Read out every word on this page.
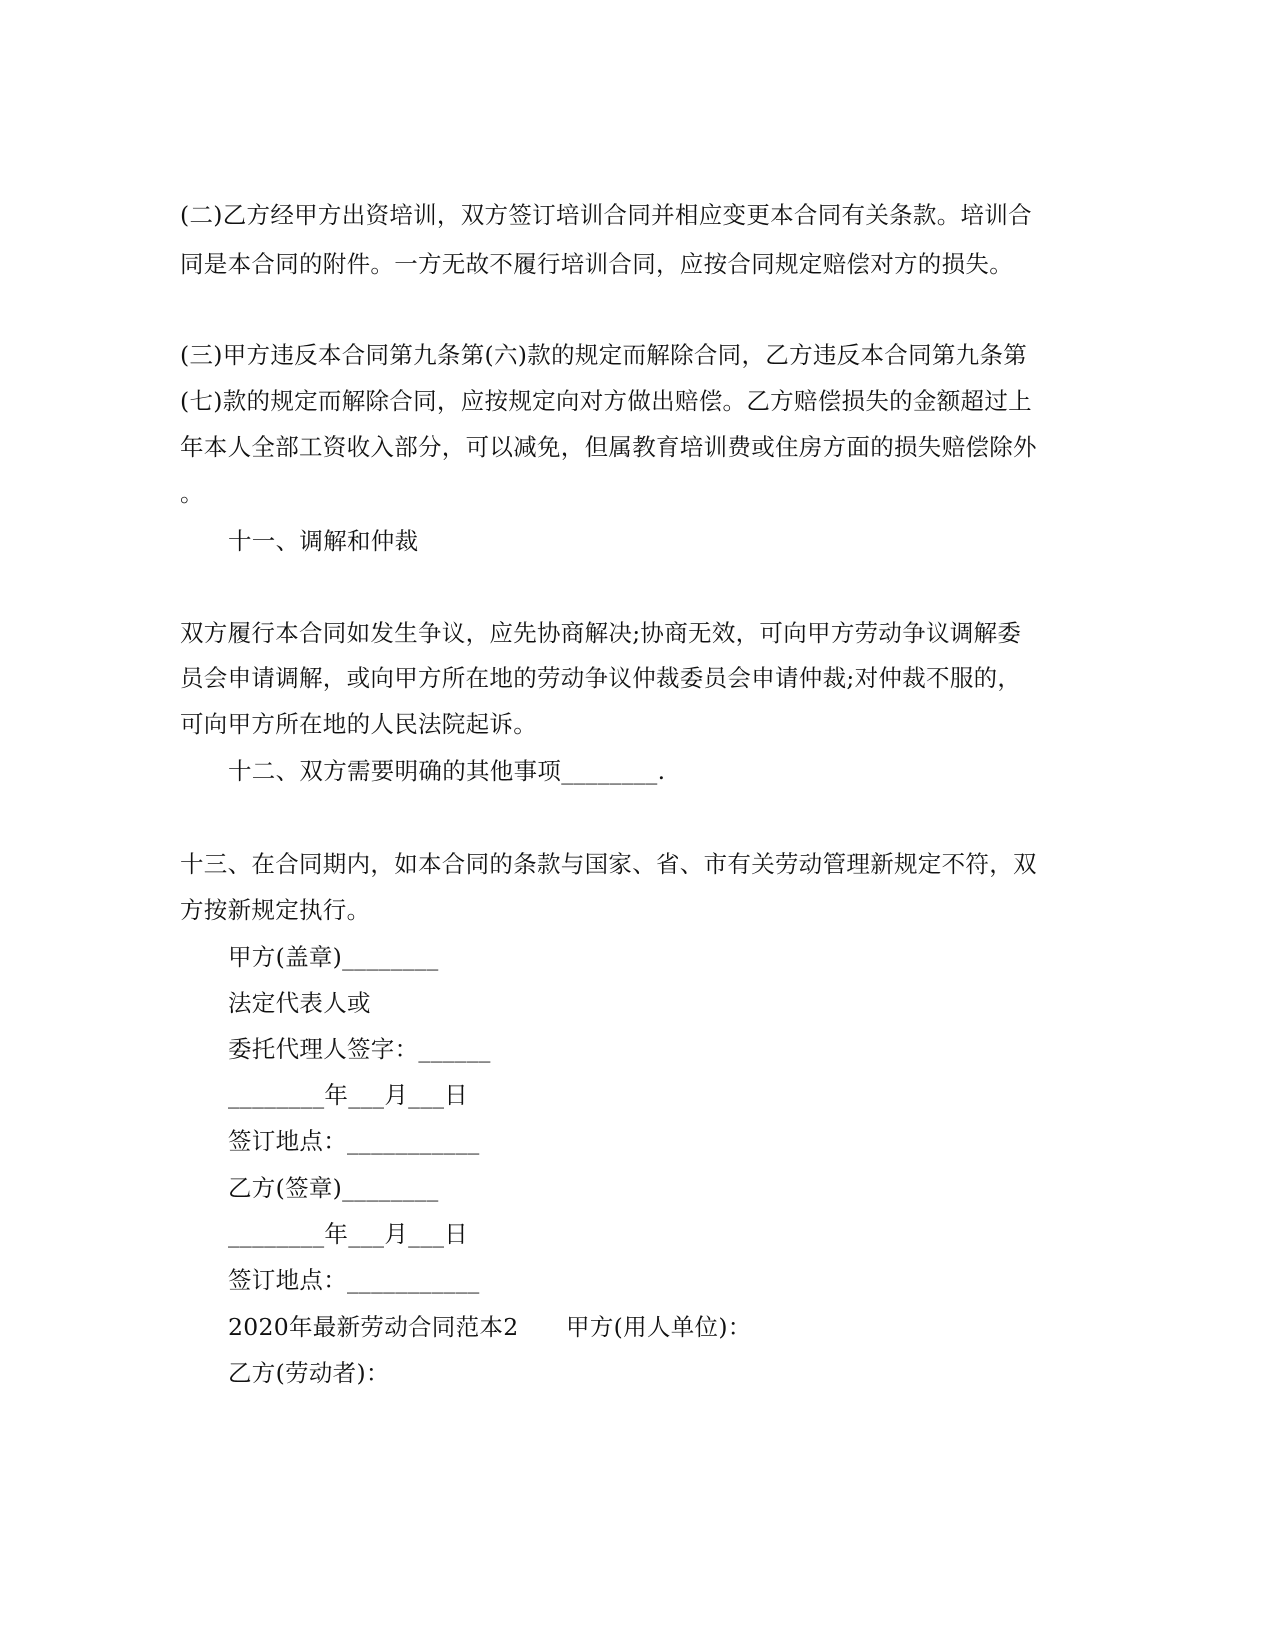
(二)乙方经甲方出资培训，双方签订培训合同并相应变更本合同有关条款。培训合
同是本合同的附件。一方无故不履行培训合同，应按合同规定赔偿对方的损失。
(三)甲方违反本合同第九条第(六)款的规定而解除合同，乙方违反本合同第九条第
(七)款的规定而解除合同，应按规定向对方做出赔偿。乙方赔偿损失的金额超过上
年本人全部工资收入部分，可以减免，但属教育培训费或住房方面的损失赔偿除外
。
十一、调解和仲裁
双方履行本合同如发生争议，应先协商解决;协商无效，可向甲方劳动争议调解委
员会申请调解，或向甲方所在地的劳动争议仲裁委员会申请仲裁;对仲裁不服的，
可向甲方所在地的人民法院起诉。
十二、双方需要明确的其他事项________.
十三、在合同期内，如本合同的条款与国家、省、市有关劳动管理新规定不符，双
方按新规定执行。
甲方(盖章)________
法定代表人或
委托代理人签字：______
________年___月___日
签订地点：___________
乙方(签章)________
________年___月___日
签订地点：___________
2020年最新劳动合同范本2　　甲方(用人单位)：
乙方(劳动者)：
